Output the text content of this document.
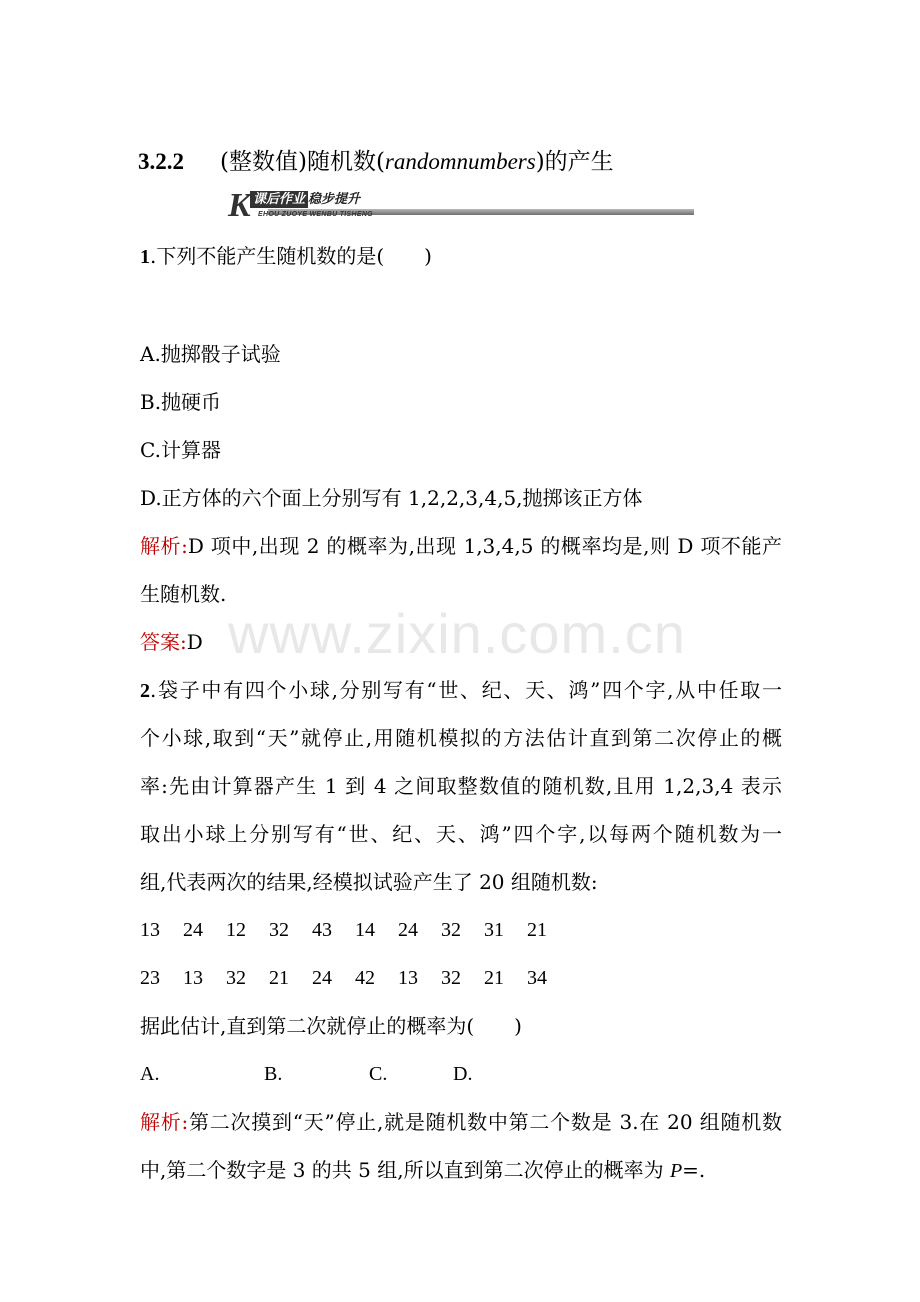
3.2.2 (整数值)随机数(randomnumbers)的产生
K 课后作业 稳步提升
EHOU ZUOYE WENBU TISHENG
1.下列不能产生随机数的是(　　)
A.抛掷骰子试验
B.抛硬币
C.计算器
D.正方体的六个面上分别写有 1,2,2,3,4,5,抛掷该正方体
解析:D 项中,出现 2 的概率为,出现 1,3,4,5 的概率均是,则 D 项不能产
生随机数.
答案:D www.zixin.com.cn
2.袋子中有四个小球,分别写有“世、纪、天、鸿”四个字,从中任取一
个小球,取到“天”就停止,用随机模拟的方法估计直到第二次停止的概
率:先由计算器产生 1 到 4 之间取整数值的随机数,且用 1,2,3,4 表示
取出小球上分别写有“世、纪、天、鸿”四个字,以每两个随机数为一
组,代表两次的结果,经模拟试验产生了 20 组随机数:
13 24 12 32 43 14 24 32 31 21
23 13 32 21 24 42 13 32 21 34
据此估计,直到第二次就停止的概率为(　　)
A.	B.	C.	D.
解析:第二次摸到“天”停止,就是随机数中第二个数是 3.在 20 组随机数
中,第二个数字是 3 的共 5 组,所以直到第二次停止的概率为 P=.
